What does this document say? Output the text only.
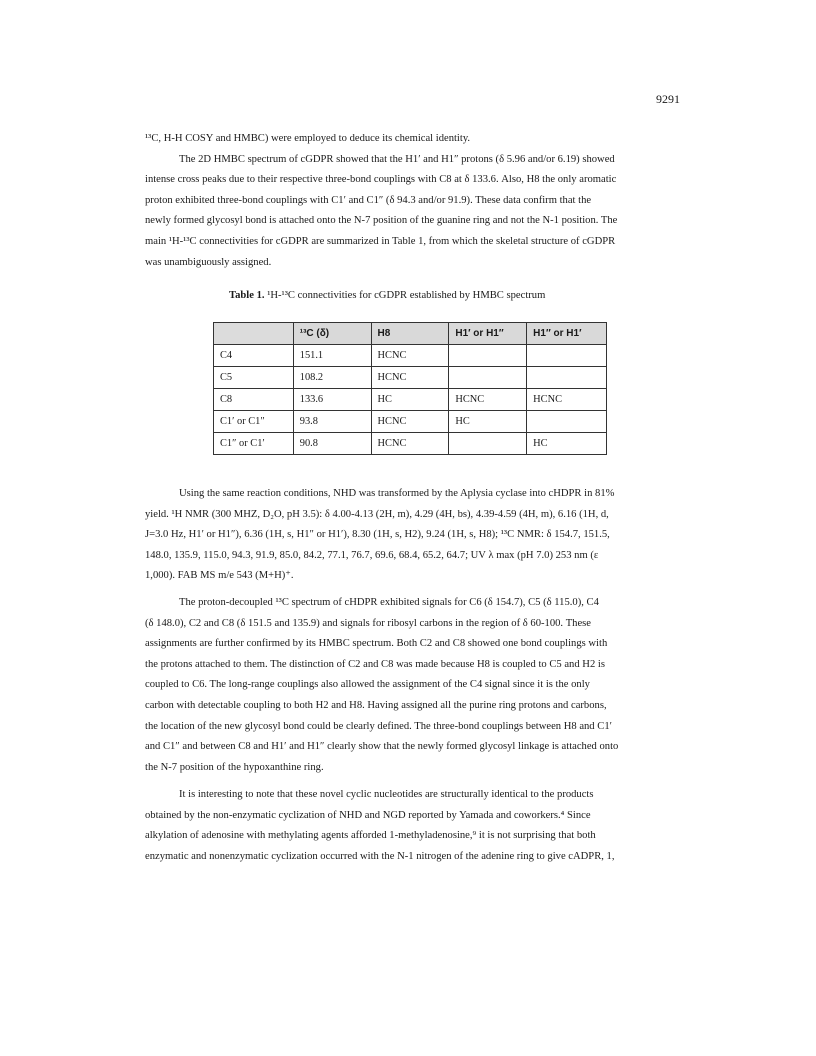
9291
¹³C, H-H COSY and HMBC) were employed to deduce its chemical identity.
The 2D HMBC spectrum of cGDPR showed that the H1′ and H1″ protons (δ 5.96 and/or 6.19) showed
intense cross peaks due to their respective three-bond couplings with C8 at δ 133.6. Also, H8 the only aromatic
proton exhibited three-bond couplings with C1′ and C1″ (δ 94.3 and/or 91.9). These data confirm that the
newly formed glycosyl bond is attached onto the N-7 position of the guanine ring and not the N-1 position. The
main ¹H-¹³C connectivities for cGDPR are summarized in Table 1, from which the skeletal structure of cGDPR
was unambiguously assigned.
Table 1. ¹H-¹³C connectivities for cGDPR established by HMBC spectrum
	¹³C (δ)	H8	H1′ or H1″	H1″ or H1′
C4	151.1	HCNC		
C5	108.2	HCNC		
C8	133.6	HC	HCNC	HCNC
C1′ or C1″	93.8	HCNC	HC	
C1″ or C1′	90.8	HCNC		HC
Using the same reaction conditions, NHD was transformed by the Aplysia cyclase into cHDPR in 81%
yield. ¹H NMR (300 MHZ, D₂O, pH 3.5): δ 4.00-4.13 (2H, m), 4.29 (4H, bs), 4.39-4.59 (4H, m), 6.16 (1H, d,
J=3.0 Hz, H1′ or H1″), 6.36 (1H, s, H1″ or H1′), 8.30 (1H, s, H2), 9.24 (1H, s, H8); ¹³C NMR: δ 154.7, 151.5,
148.0, 135.9, 115.0, 94.3, 91.9, 85.0, 84.2, 77.1, 76.7, 69.6, 68.4, 65.2, 64.7; UV λ max (pH 7.0) 253 nm (ε
1,000). FAB MS m/e 543 (M+H)⁺.
The proton-decoupled ¹³C spectrum of cHDPR exhibited signals for C6 (δ 154.7), C5 (δ 115.0), C4
(δ 148.0), C2 and C8 (δ 151.5 and 135.9) and signals for ribosyl carbons in the region of δ 60-100. These
assignments are further confirmed by its HMBC spectrum. Both C2 and C8 showed one bond couplings with
the protons attached to them. The distinction of C2 and C8 was made because H8 is coupled to C5 and H2 is
coupled to C6. The long-range couplings also allowed the assignment of the C4 signal since it is the only
carbon with detectable coupling to both H2 and H8. Having assigned all the purine ring protons and carbons,
the location of the new glycosyl bond could be clearly defined. The three-bond couplings between H8 and C1′
and C1″ and between C8 and H1′ and H1″ clearly show that the newly formed glycosyl linkage is attached onto
the N-7 position of the hypoxanthine ring.
It is interesting to note that these novel cyclic nucleotides are structurally identical to the products
obtained by the non-enzymatic cyclization of NHD and NGD reported by Yamada and coworkers.⁴ Since
alkylation of adenosine with methylating agents afforded 1-methyladenosine,⁹ it is not surprising that both
enzymatic and nonenzymatic cyclization occurred with the N-1 nitrogen of the adenine ring to give cADPR, 1,
